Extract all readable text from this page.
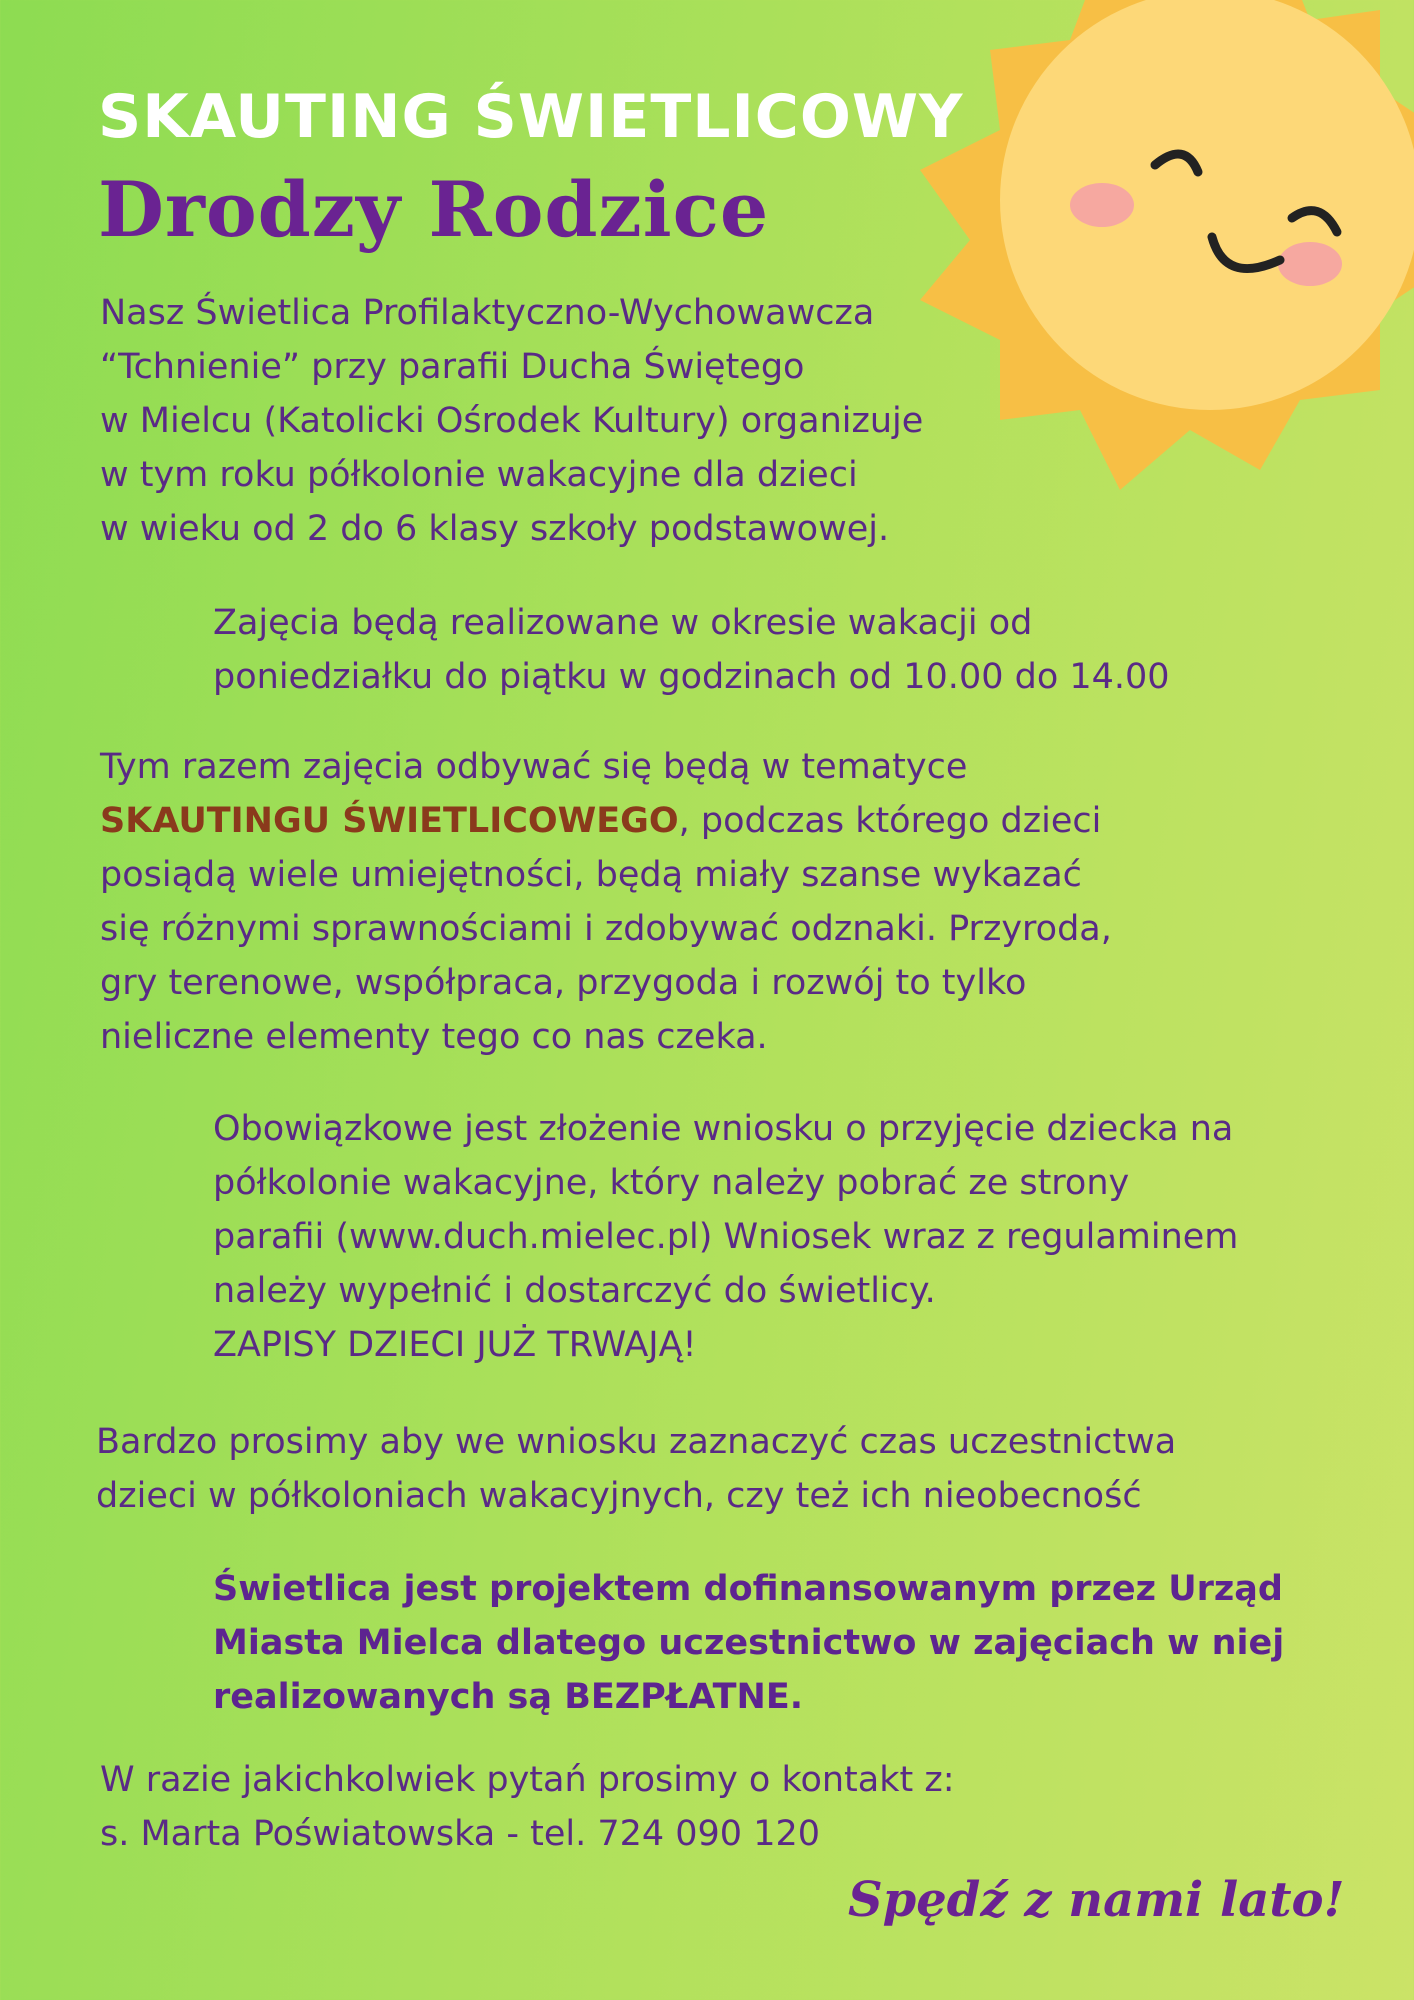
SKAUTING ŚWIETLICOWY
Drodzy Rodzice

Nasz Świetlica Profilaktyczno-Wychowawcza
“Tchnienie” przy parafii Ducha Świętego
w Mielcu (Katolicki Ośrodek Kultury) organizuje
w tym roku półkolonie wakacyjne dla dzieci
w wieku od 2 do 6 klasy szkoły podstawowej.

Zajęcia będą realizowane w okresie wakacji od
poniedziałku do piątku w godzinach od 10.00 do 14.00

Tym razem zajęcia odbywać się będą w tematyce
SKAUTINGU ŚWIETLICOWEGO, podczas którego dzieci
posiądą wiele umiejętności, będą miały szanse wykazać
się różnymi sprawnościami i zdobywać odznaki. Przyroda,
gry terenowe, współpraca, przygoda i rozwój to tylko
nieliczne elementy tego co nas czeka.

Obowiązkowe jest złożenie wniosku o przyjęcie dziecka na
półkolonie wakacyjne, który należy pobrać ze strony
parafii (www.duch.mielec.pl) Wniosek wraz z regulaminem
należy wypełnić i dostarczyć do świetlicy.
ZAPISY DZIECI JUŻ TRWAJĄ!

Bardzo prosimy aby we wniosku zaznaczyć czas uczestnictwa
dzieci w półkoloniach wakacyjnych, czy też ich nieobecność

Świetlica jest projektem dofinansowanym przez Urząd
Miasta Mielca dlatego uczestnictwo w zajęciach w niej
realizowanych są BEZPŁATNE.

W razie jakichkolwiek pytań prosimy o kontakt z:
s. Marta Poświatowska - tel. 724 090 120

Spędź z nami lato!
